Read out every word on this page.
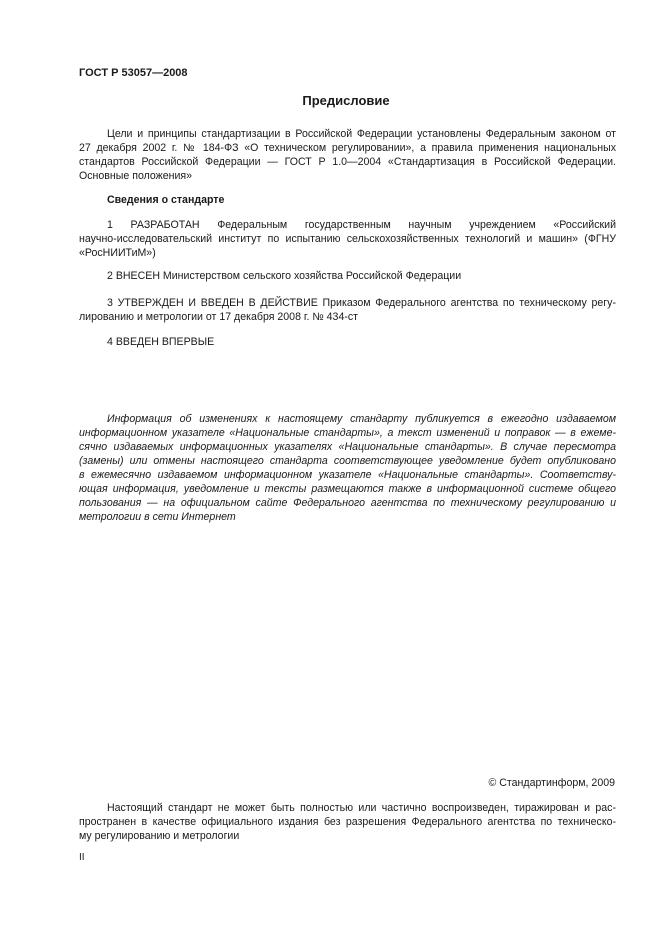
ГОСТ Р 53057—2008
Предисловие
Цели и принципы стандартизации в Российской Федерации установлены Федеральным законом от
27 декабря 2002 г. № 184-ФЗ «О техническом регулировании», а правила применения национальных
стандартов Российской Федерации — ГОСТ Р 1.0—2004 «Стандартизация в Российской Федерации.
Основные положения»
Сведения о стандарте
1 РАЗРАБОТАН Федеральным государственным научным учреждением «Российский
научно-исследовательский институт по испытанию сельскохозяйственных технологий и машин» (ФГНУ
«РосНИИТиМ»)
2 ВНЕСЕН Министерством сельского хозяйства Российской Федерации
3 УТВЕРЖДЕН И ВВЕДЕН В ДЕЙСТВИЕ Приказом Федерального агентства по техническому регу-
лированию и метрологии от 17 декабря 2008 г. № 434-ст
4 ВВЕДЕН ВПЕРВЫЕ
Информация об изменениях к настоящему стандарту публикуется в ежегодно издаваемом
информационном указателе «Национальные стандарты», а текст изменений и поправок — в ежеме-
сячно издаваемых информационных указателях «Национальные стандарты». В случае пересмотра
(замены) или отмены настоящего стандарта соответствующее уведомление будет опубликовано
в ежемесячно издаваемом информационном указателе «Национальные стандарты». Соответству-
ющая информация, уведомление и тексты размещаются также в информационной системе общего
пользования — на официальном сайте Федерального агентства по техническому регулированию и
метрологии в сети Интернет
© Стандартинформ, 2009
Настоящий стандарт не может быть полностью или частично воспроизведен, тиражирован и рас-
пространен в качестве официального издания без разрешения Федерального агентства по техническо-
му регулированию и метрологии
II
